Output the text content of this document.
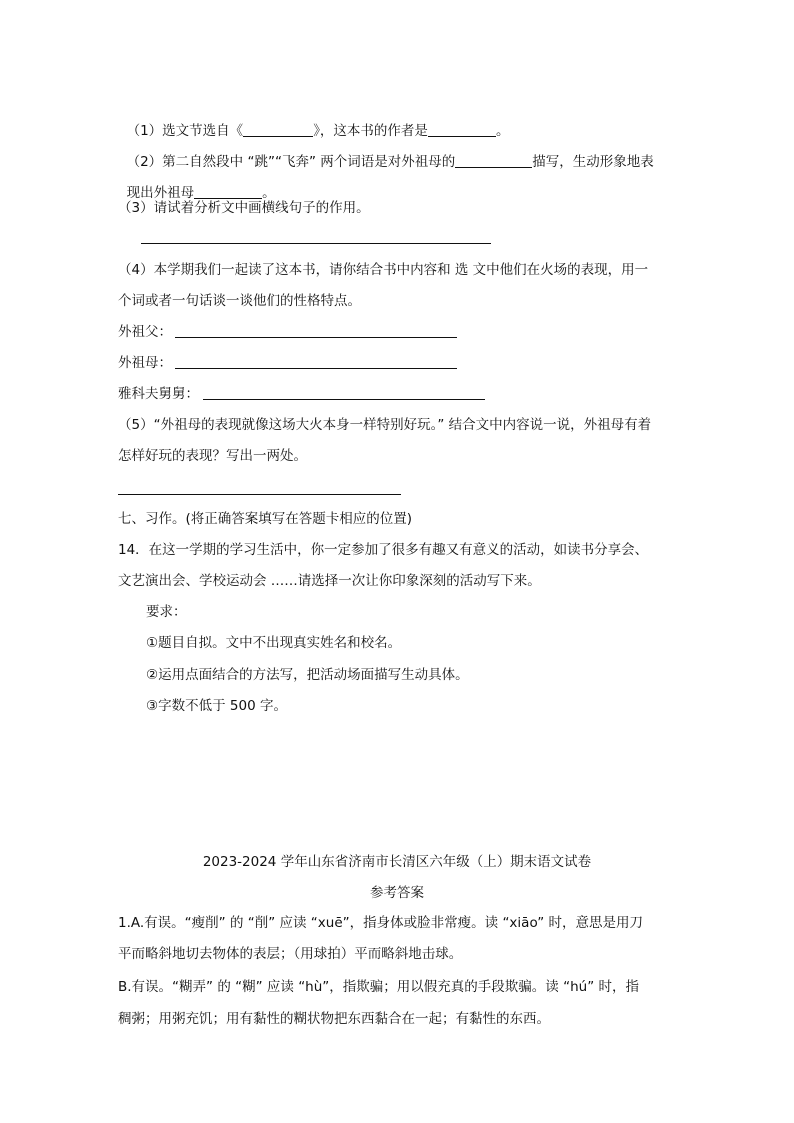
（1）选文节选自《	》，这本书的作者是	。

（2）第二自然段中 “跳”“飞奔” 两个词语是对外祖母的	描写，生动形象地表

现出外祖母	。

（3）请试着分析文中画横线句子的作用。
（4）本学期我们一起读了这本书，请你结合书中内容和 选 文中他们在火场的表现，用一
个词或者一句话谈一谈他们的性格特点。
外祖父：
外祖母：
雅科夫舅舅：
（5）“外祖母的表现就像这场大火本身一样特别好玩。” 结合文中内容说一说，外祖母有着
怎样好玩的表现？写出一两处。
七、习作。(将正确答案填写在答题卡相应的位置)
14．在这一学期的学习生活中，你一定参加了很多有趣又有意义的活动，如读书分享会、
文艺演出会、学校运动会 ……请选择一次让你印象深刻的活动写下来。
要求：
①题目自拟。文中不出现真实姓名和校名。
②运用点面结合的方法写，把活动场面描写生动具体。
③字数不低于 500 字。
2023-2024 学年山东省济南市长清区六年级（上）期末语文试卷
参考答案
1.A.有误。“瘦削” 的 “削” 应读 “xuē”，指身体或脸非常瘦。读 “xiāo” 时，意思是用刀
平而略斜地切去物体的表层；（用球拍）平而略斜地击球。
B.有误。“糊弄” 的 “糊” 应读 “hù”，指欺骗；用以假充真的手段欺骗。读 “hú” 时，指
稠粥；用粥充饥；用有黏性的糊状物把东西黏合在一起；有黏性的东西。
